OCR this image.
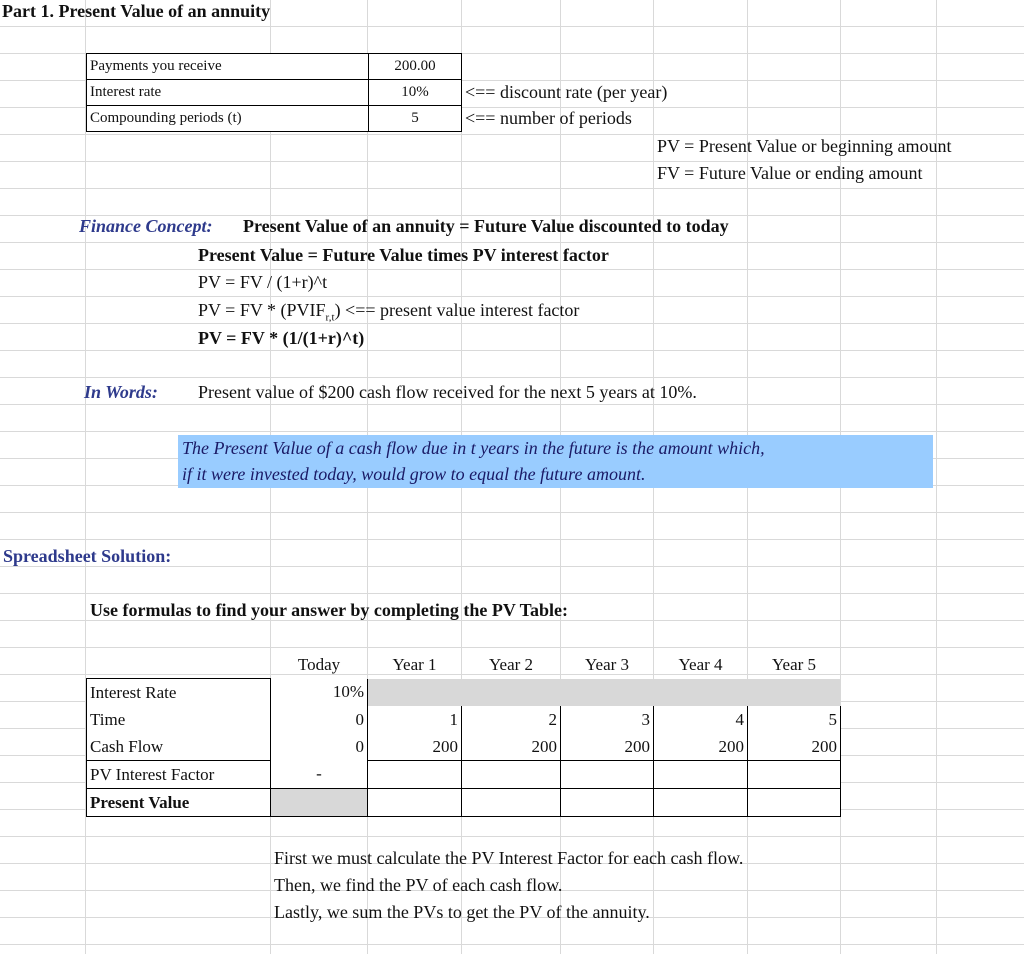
Part 1. Present Value of an annuity
Payments you receive	200.00
Interest rate	10%
Compounding periods (t)	5
<== discount rate (per year)
<== number of periods
PV = Present Value or beginning amount
FV = Future Value or ending amount
Finance Concept: Present Value of an annuity = Future Value discounted to today
Present Value = Future Value times PV interest factor
PV = FV / (1+r)^t
PV = FV * $(PVIF_{r,t})$ <== present value interest factor
PV = FV * (1/(1+r)^t)
In Words: Present value of $200 cash flow received for the next 5 years at 10%.
The Present Value of a cash flow due in t years in the future is the amount which,
if it were invested today, would grow to equal the future amount.
Spreadsheet Solution:
Use formulas to find your answer by completing the PV Table:
	Today	Year 1	Year 2	Year 3	Year 4	Year 5
Interest Rate	10%					
Time	0	1	2	3	4	5
Cash Flow	0	200	200	200	200	200
PV Interest Factor	-					
Present Value						
First we must calculate the PV Interest Factor for each cash flow.
Then, we find the PV of each cash flow.
Lastly, we sum the PVs to get the PV of the annuity.
